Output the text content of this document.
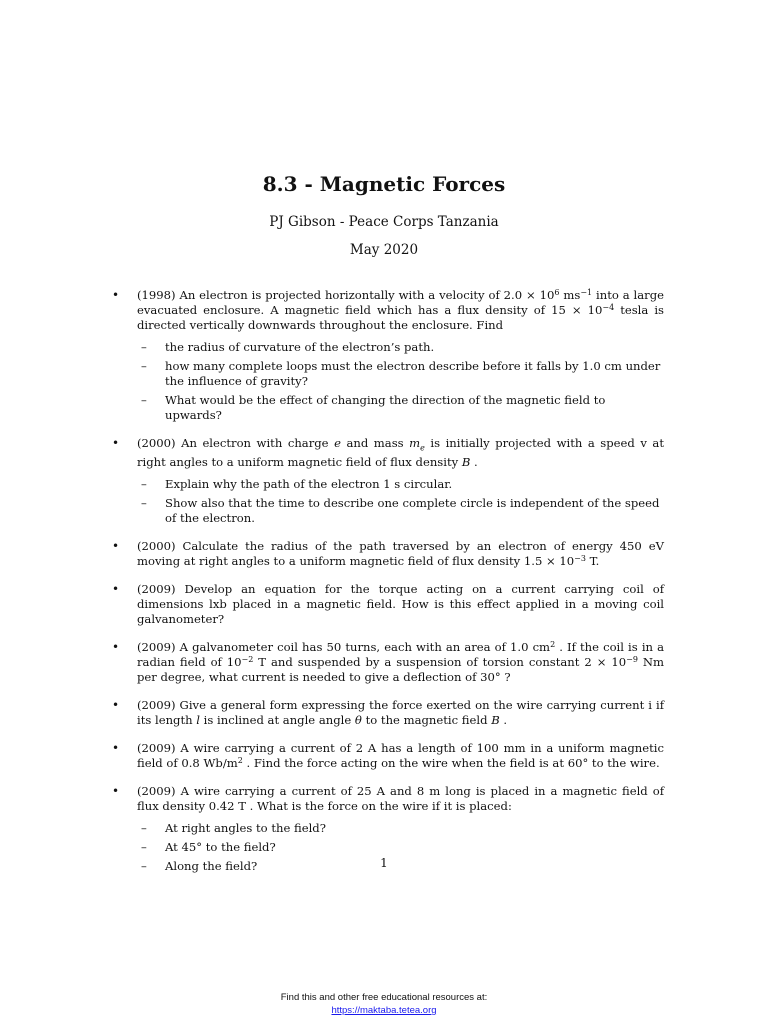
8.3 - Magnetic Forces
PJ Gibson - Peace Corps Tanzania
May 2020
• (1998) An electron is projected horizontally with a velocity of $2.0 \times 10^6$ $ms^{-1}$ into a large evacuated enclosure. A magnetic field which has a flux density of $15 \times 10^{-4}$ tesla is directed vertically downwards throughout the enclosure. Find
– the radius of curvature of the electron’s path.
– how many complete loops must the electron describe before it falls by 1.0 cm under the influence of gravity?
– What would be the effect of changing the direction of the magnetic field to upwards?
• (2000) An electron with charge e and mass $m_e$ is initially projected with a speed v at right angles to a uniform magnetic field of flux density B .
– Explain why the path of the electron 1 s circular.
– Show also that the time to describe one complete circle is independent of the speed of the electron.
• (2000) Calculate the radius of the path traversed by an electron of energy 450 eV moving at right angles to a uniform magnetic field of flux density $1.5 \times 10^{-3}$ T.
• (2009) Develop an equation for the torque acting on a current carrying coil of dimensions lxb placed in a magnetic field. How is this effect applied in a moving coil galvanometer?
• (2009) A galvanometer coil has 50 turns, each with an area of 1.0 $cm^2$ . If the coil is in a radian field of $10^{-2}$ T and suspended by a suspension of torsion constant $2 \times 10^{-9}$ Nm per degree, what current is needed to give a deflection of 30° ?
• (2009) Give a general form expressing the force exerted on the wire carrying current i if its length l is inclined at angle angle θ to the magnetic field B .
• (2009) A wire carrying a current of 2 A has a length of 100 mm in a uniform magnetic field of 0.8 $Wb/m^2$ . Find the force acting on the wire when the field is at 60° to the wire.
• (2009) A wire carrying a current of 25 A and 8 m long is placed in a magnetic field of flux density 0.42 T . What is the force on the wire if it is placed:
– At right angles to the field?
– At 45° to the field?
– Along the field?	1
Find this and other free educational resources at:
https://maktaba.tetea.org
